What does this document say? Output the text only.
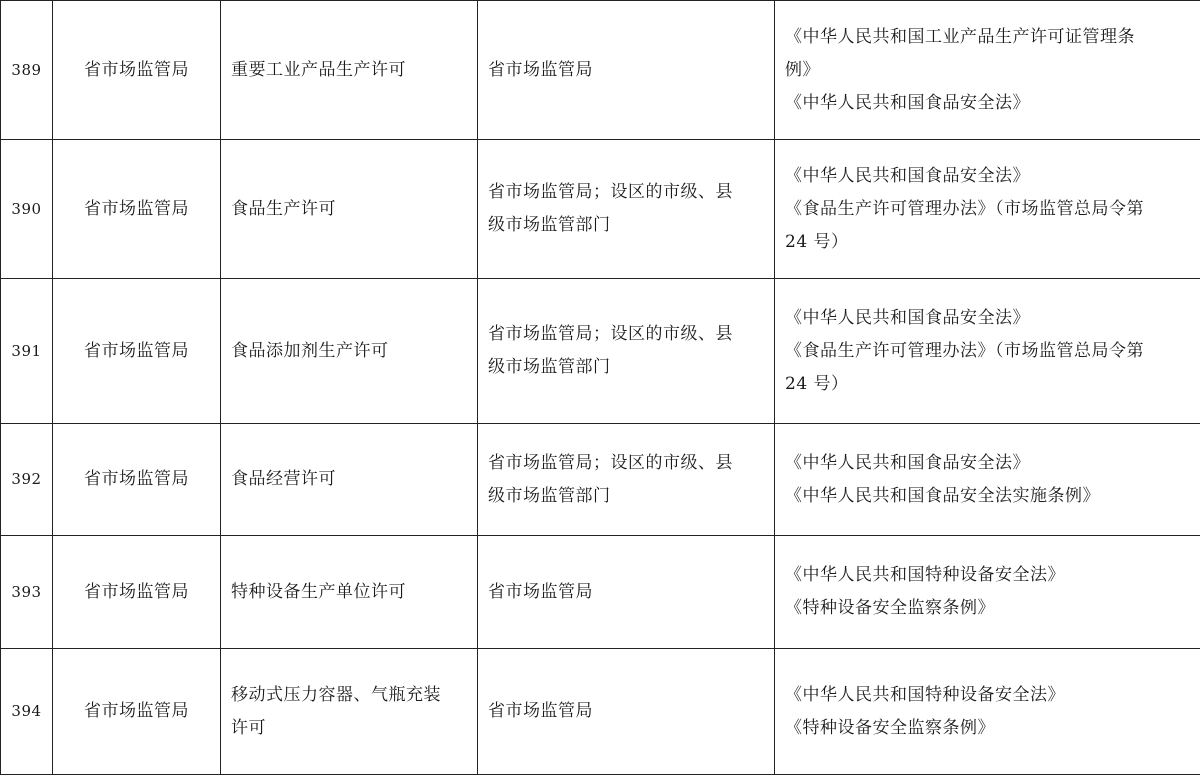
389	省市场监管局	重要工业产品生产许可	省市场监管局	《中华人民共和国工业产品生产许可证管理条
例》
《中华人民共和国食品安全法》

390	省市场监管局	食品生产许可	省市场监管局；设区的市级、县
级市场监管部门	《中华人民共和国食品安全法》
《食品生产许可管理办法》（市场监管总局令第
24 号）

391	省市场监管局	食品添加剂生产许可	省市场监管局；设区的市级、县
级市场监管部门	《中华人民共和国食品安全法》
《食品生产许可管理办法》（市场监管总局令第
24 号）

392	省市场监管局	食品经营许可	省市场监管局；设区的市级、县
级市场监管部门	《中华人民共和国食品安全法》
《中华人民共和国食品安全法实施条例》

393	省市场监管局	特种设备生产单位许可	省市场监管局	《中华人民共和国特种设备安全法》
《特种设备安全监察条例》

394	省市场监管局	移动式压力容器、气瓶充装
许可	省市场监管局	《中华人民共和国特种设备安全法》
《特种设备安全监察条例》
